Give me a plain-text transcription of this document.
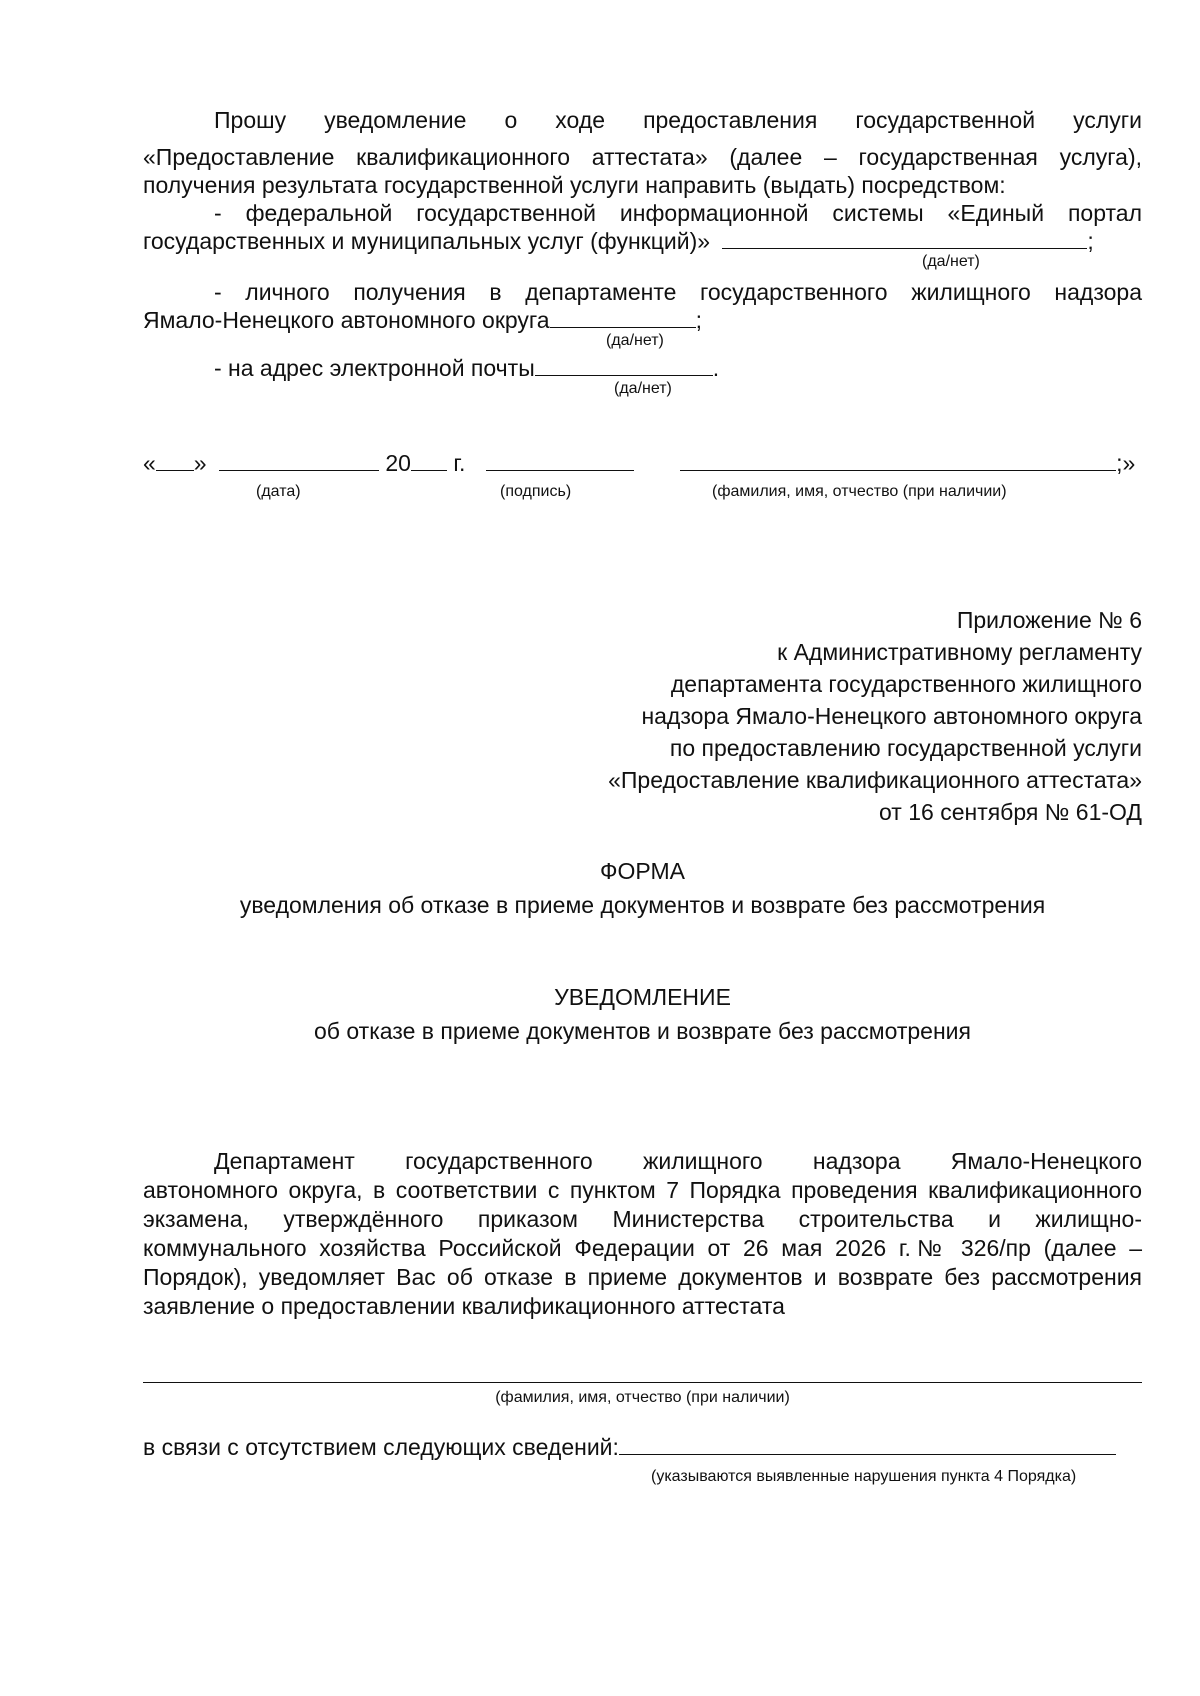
Прошу уведомление о ходе предоставления государственной услуги
«Предоставление квалификационного аттестата» (далее – государственная услуга),
получения результата государственной услуги направить (выдать) посредством:
- федеральной государственной информационной системы «Единый портал
государственных и муниципальных услуг (функций)»	;
(да/нет)
- личного получения в департаменте государственного жилищного надзора
Ямало-Ненецкого автономного округа	;
(да/нет)
- на адрес электронной почты	.
(да/нет)
« »	20 г.	;»
(дата)	(подпись)	(фамилия, имя, отчество (при наличии)
Приложение № 6
к Административному регламенту
департамента государственного жилищного
надзора Ямало-Ненецкого автономного округа
по предоставлению государственной услуги
«Предоставление квалификационного аттестата»
от 16 сентября № 61-ОД
ФОРМА
уведомления об отказе в приеме документов и возврате без рассмотрения
УВЕДОМЛЕНИЕ
об отказе в приеме документов и возврате без рассмотрения
Департамент государственного жилищного надзора Ямало-Ненецкого
автономного округа, в соответствии с пунктом 7 Порядка проведения квалификационного
экзамена, утверждённого приказом Министерства строительства и жилищно-
коммунального хозяйства Российской Федерации от 26 мая 2026 г.№ 326/пр (далее –
Порядок), уведомляет Вас об отказе в приеме документов и возврате без рассмотрения
заявление о предоставлении квалификационного аттестата
(фамилия, имя, отчество (при наличии)
в связи с отсутствием следующих сведений:
(указываются выявленные нарушения пункта 4 Порядка)
